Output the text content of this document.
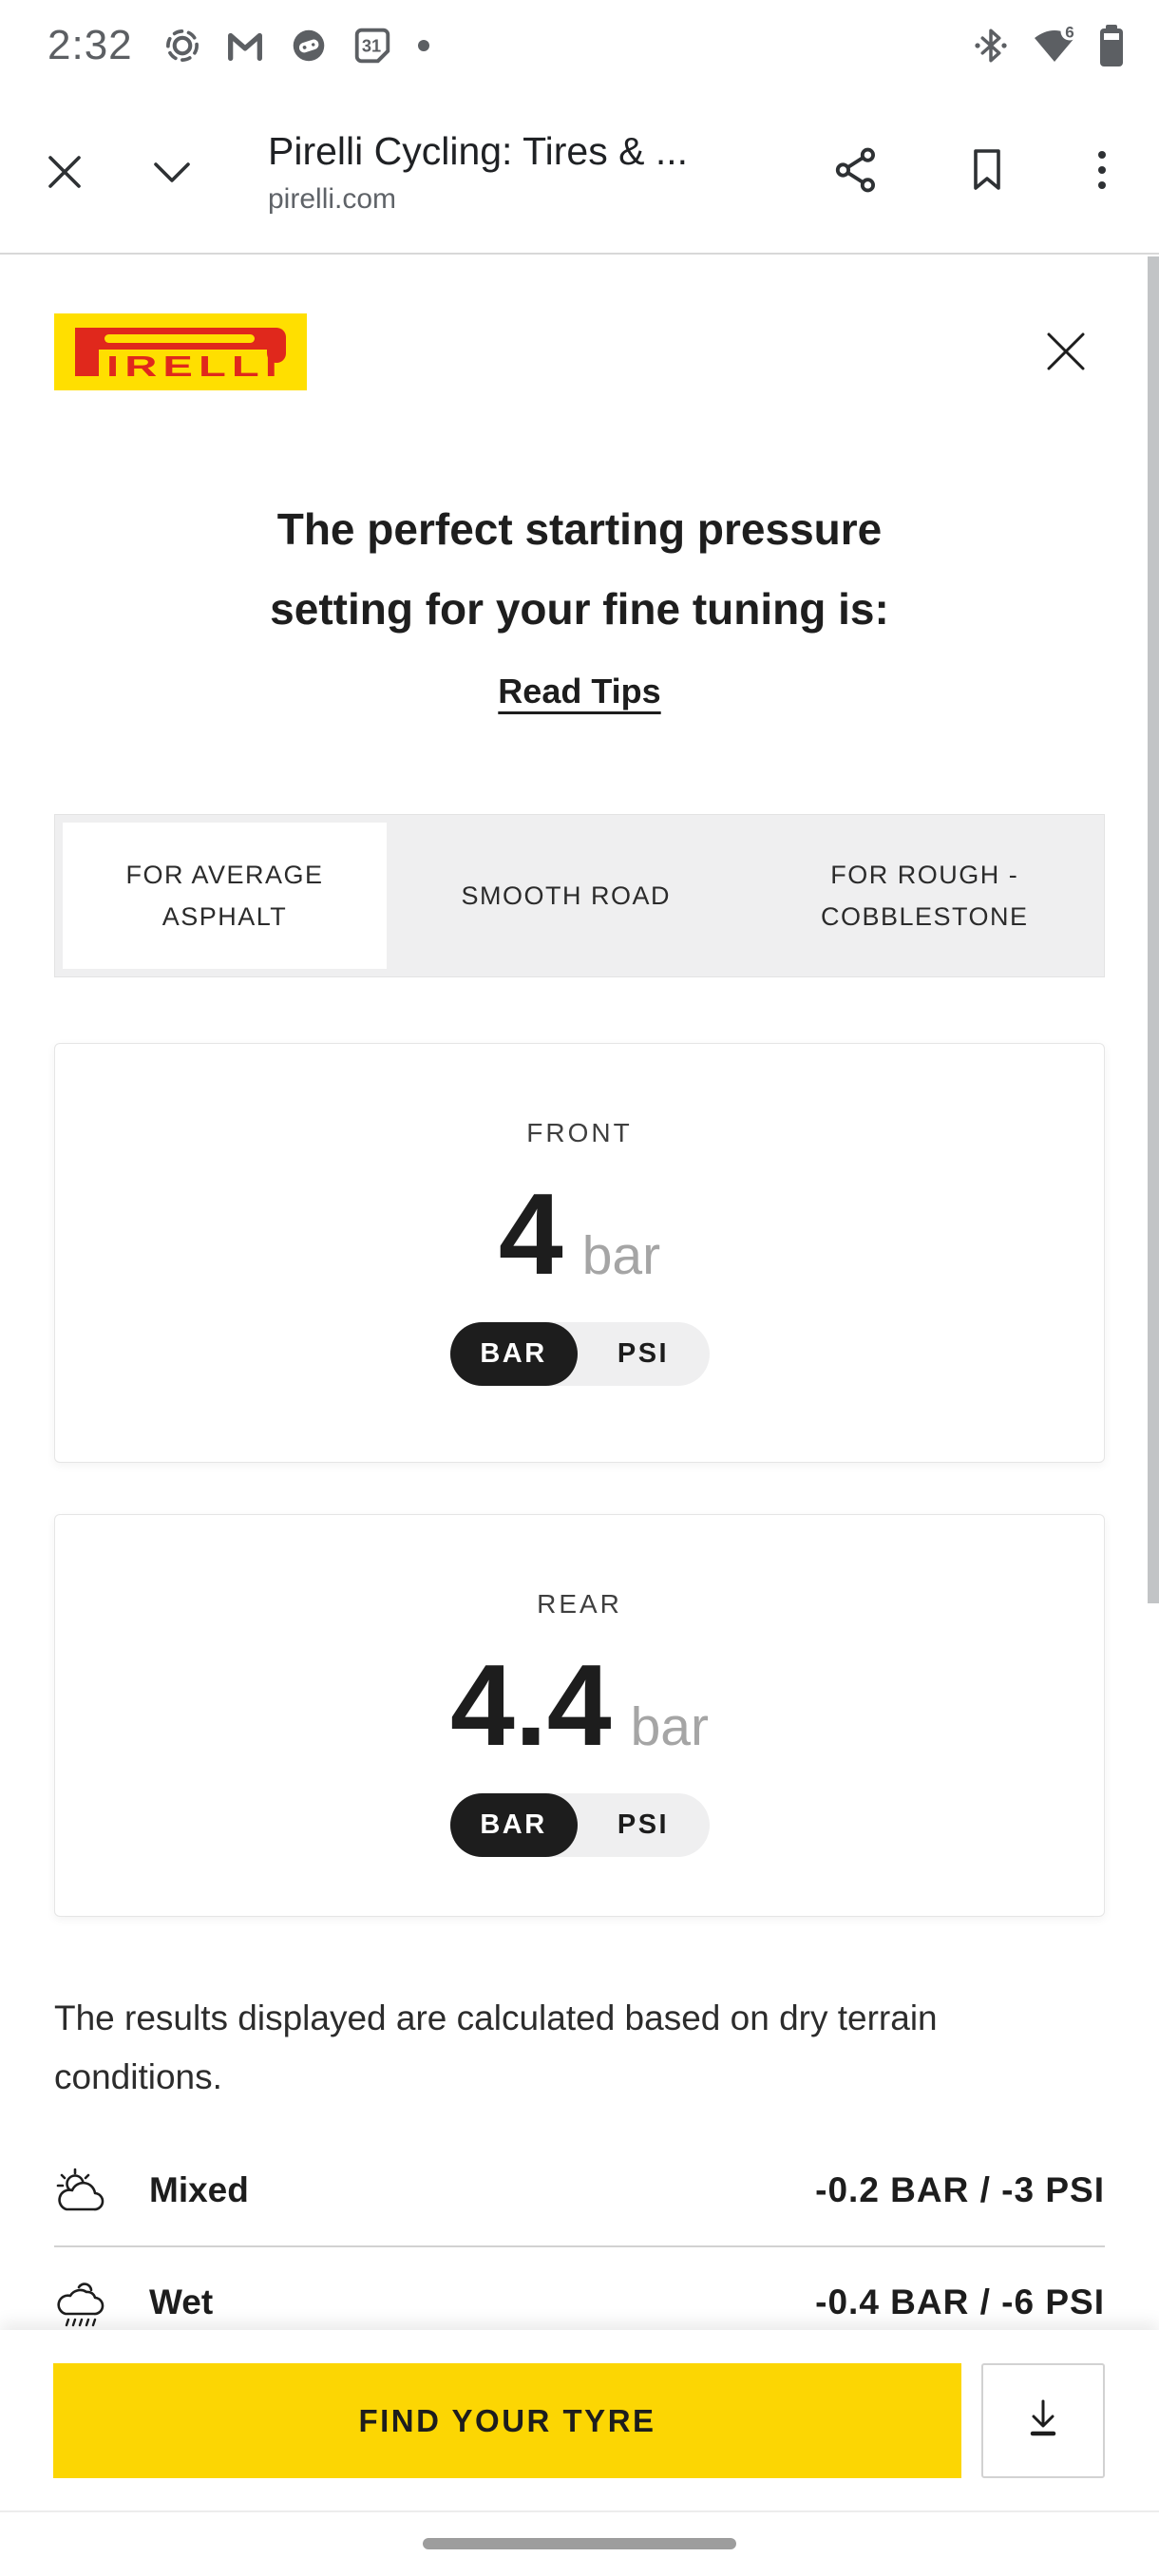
2:32	31
6
Pirelli Cycling: Tires & ...
pirelli.com
IRELLI
The perfect starting pressure
setting for your fine tuning is:
Read Tips
FOR AVERAGE ASPHALT
SMOOTH ROAD
FOR ROUGH - COBBLESTONE
FRONT
4 bar
BAR	PSI
REAR
4.4 bar
BAR	PSI
The results displayed are calculated based on dry terrain conditions.
Mixed	-0.2 BAR / -3 PSI
Wet	-0.4 BAR / -6 PSI
FIND YOUR TYRE
